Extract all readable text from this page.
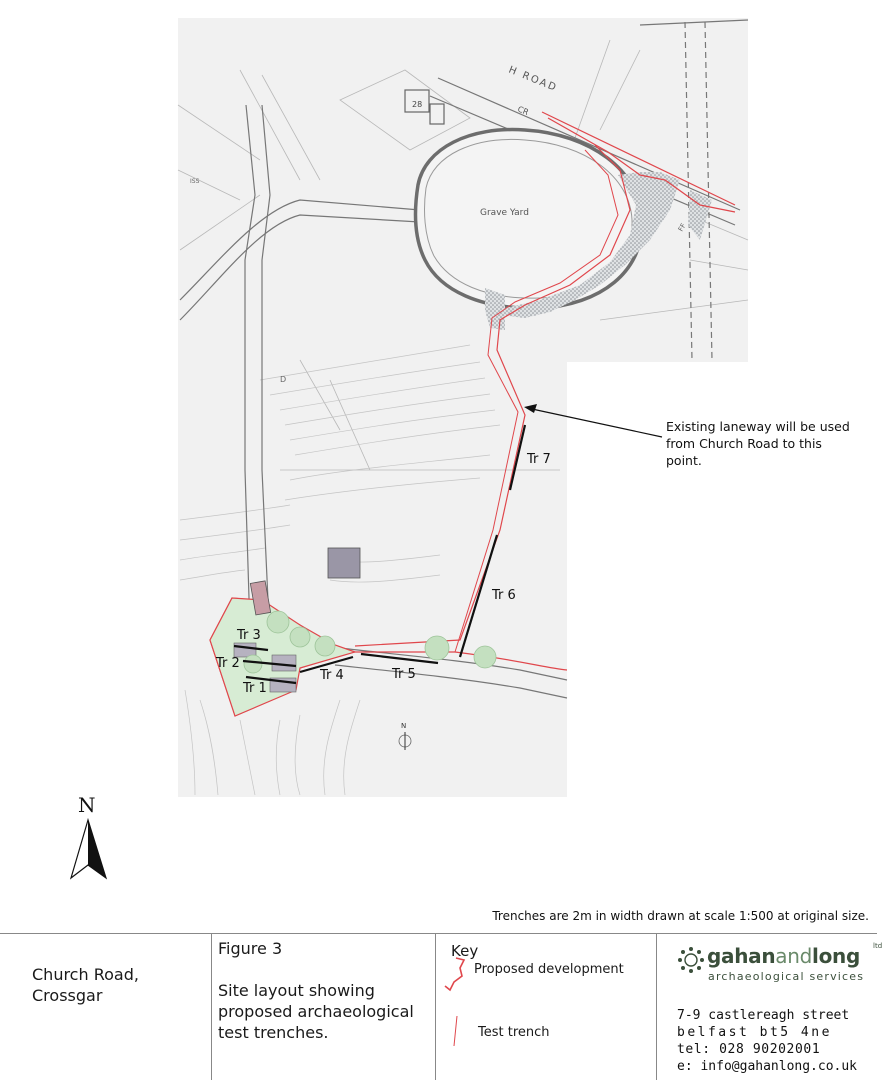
28
H ROAD
CR
ISS
D
FF
Grave Yard
N
N
Tr 1
Tr 2
Tr 3
Tr 4	Tr 5
Tr 6
Tr 7
Existing laneway will be used
from Church Road to this
point.
Trenches are 2m in width drawn at scale 1:500 at original size.
Church Road,
Crossgar
Figure 3
Site layout showing
proposed archaeological
test trenches.
Key
Proposed development
Test trench
gahanandlong ltd
archaeological services
7-9 castlereagh street
belfast bt5 4ne
tel: 028 90202001
e: info@gahanlong.co.uk
